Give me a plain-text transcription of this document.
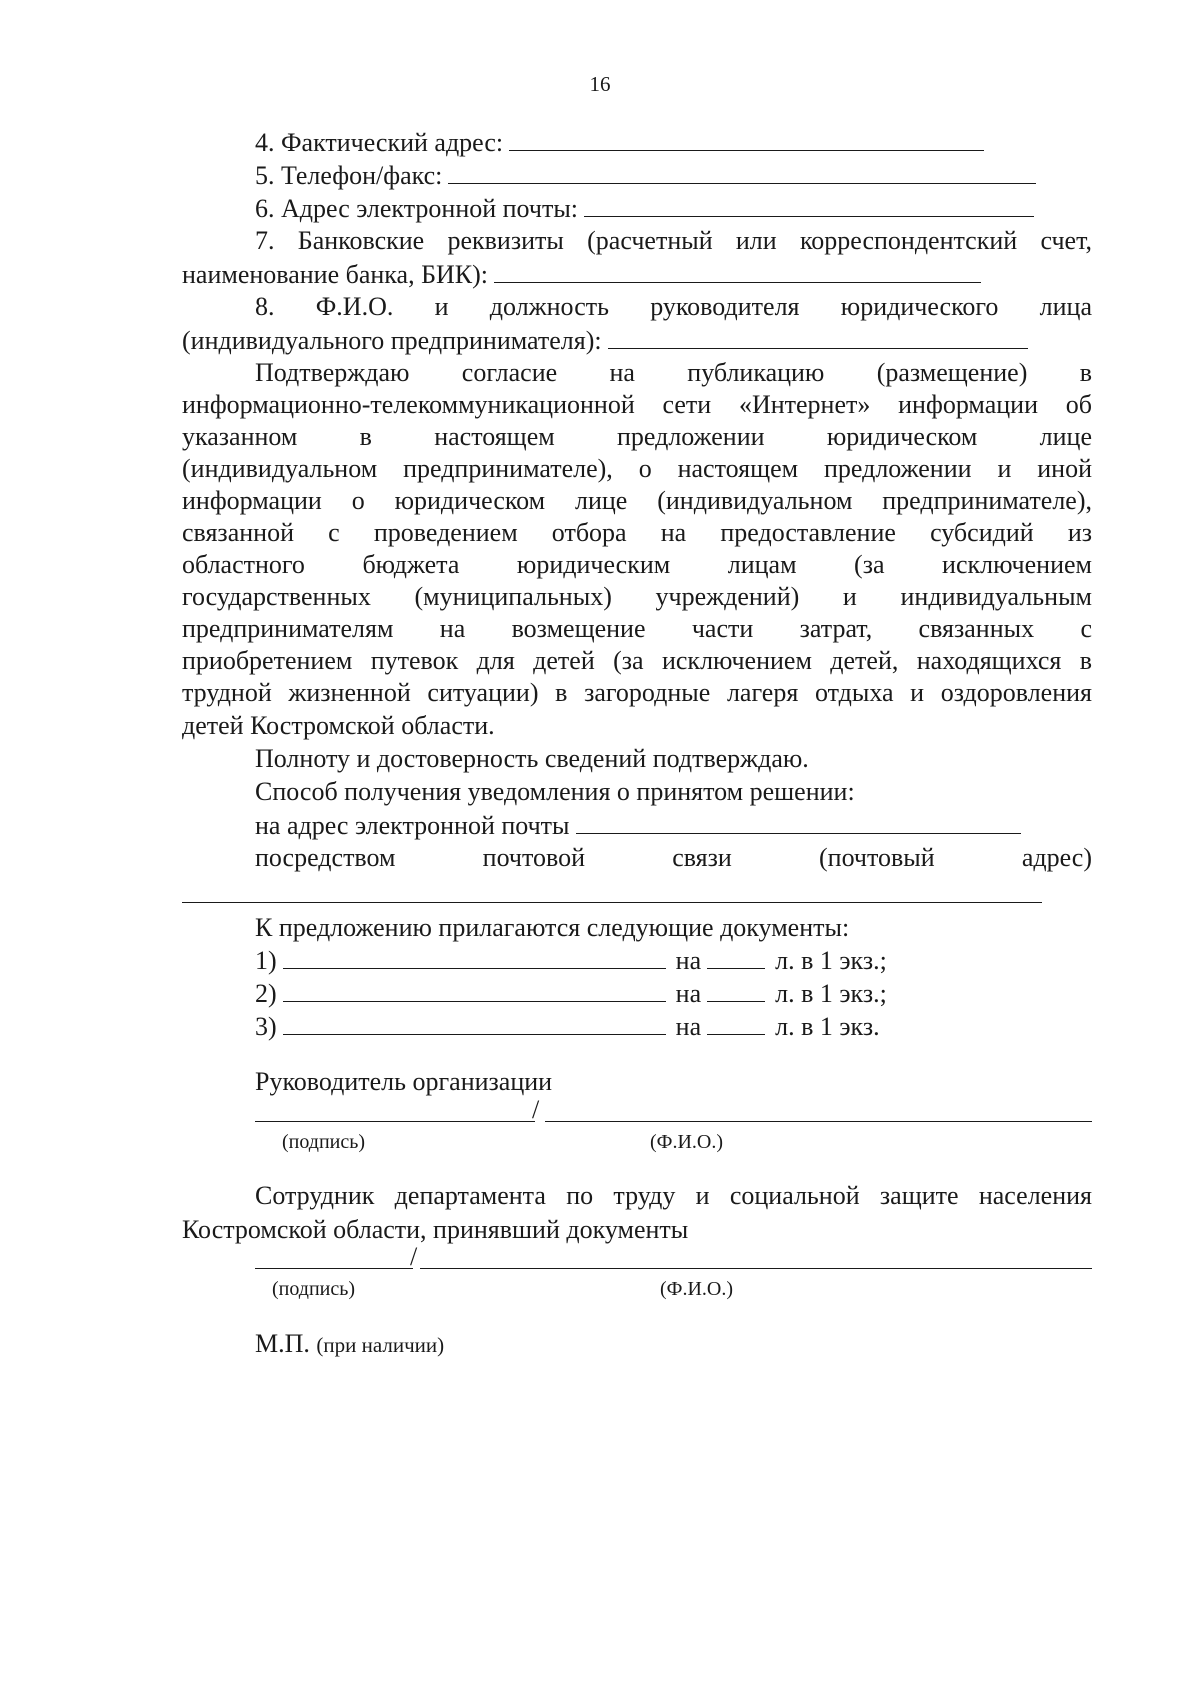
16
4. Фактический адрес:
5. Телефон/факс:
6. Адрес электронной почты:
7. Банковские реквизиты (расчетный или корреспондентский счет,
наименование банка, БИК):
8. Ф.И.О. и должность руководителя юридического лица
(индивидуального предпринимателя):
Подтверждаю согласие на публикацию (размещение) в
информационно-телекоммуникационной сети «Интернет» информации об
указанном в настоящем предложении юридическом лице
(индивидуальном предпринимателе), о настоящем предложении и иной
информации о юридическом лице (индивидуальном предпринимателе),
связанной с проведением отбора на предоставление субсидий из
областного бюджета юридическим лицам (за исключением
государственных (муниципальных) учреждений) и индивидуальным
предпринимателям на возмещение части затрат, связанных с
приобретением путевок для детей (за исключением детей, находящихся в
трудной жизненной ситуации) в загородные лагеря отдыха и оздоровления
детей Костромской области.
Полноту и достоверность сведений подтверждаю.
Способ получения уведомления о принятом решении:
на адрес электронной почты
посредством почтовой связи (почтовый адрес)
К предложению прилагаются следующие документы:
1)	на	л. в 1 экз.;
2)	на	л. в 1 экз.;
3)	на	л. в 1 экз.
Руководитель организации
/
(подпись)	(Ф.И.О.)
Сотрудник департамента по труду и социальной защите населения
Костромской области, принявший документы
/
(подпись)	(Ф.И.О.)
М.П. (при наличии)
